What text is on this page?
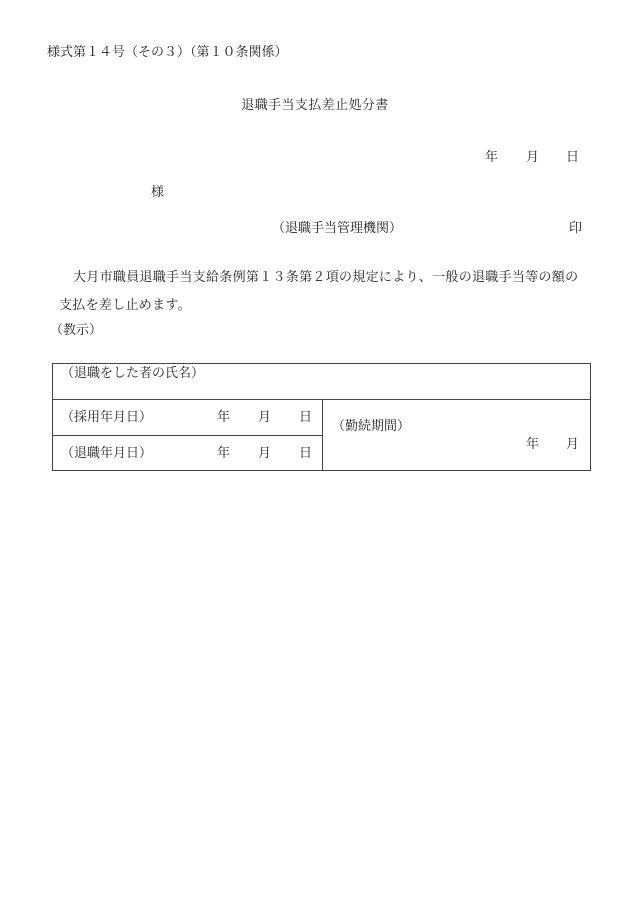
様式第１４号（その３）（第１０条関係）
退職手当支払差止処分書
年 月 日
様
（退職手当管理機関）	印
大月市職員退職手当支給条例第１３条第２項の規定により、一般の退職手当等の額の
支払を差し止めます。
（教示）
（退職をした者の氏名）
（採用年月日）	年 月 日
（退職年月日）	年 月 日
（勤続期間）
年 月
